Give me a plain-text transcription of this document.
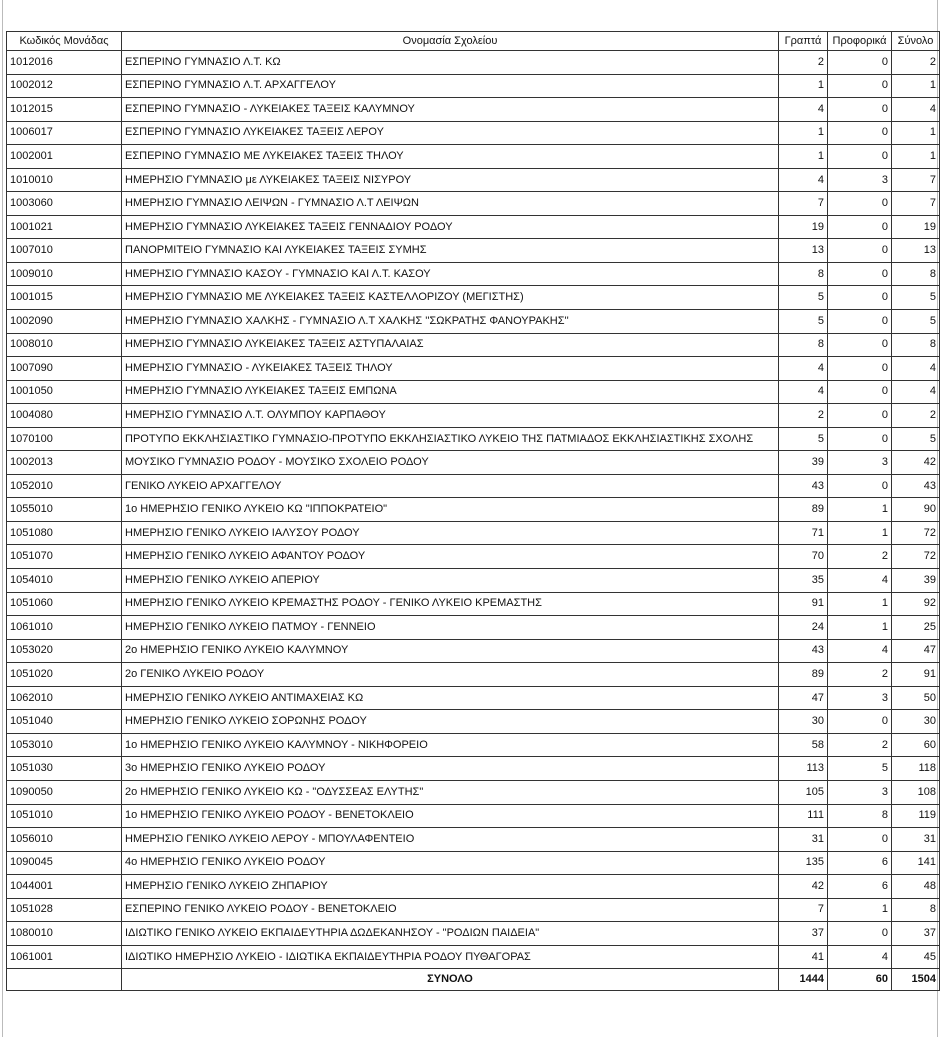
Κωδικός Μονάδας	Ονομασία Σχολείου	Γραπτά	Προφορικά	Σύνολο
1012016	ΕΣΠΕΡΙΝΟ ΓΥΜΝΑΣΙΟ Λ.Τ. ΚΩ	2	0	2
1002012	ΕΣΠΕΡΙΝΟ ΓΥΜΝΑΣΙΟ Λ.Τ. ΑΡΧΑΓΓΕΛΟΥ	1	0	1
1012015	ΕΣΠΕΡΙΝΟ ΓΥΜΝΑΣΙΟ - ΛΥΚΕΙΑΚΕΣ ΤΑΞΕΙΣ ΚΑΛΥΜΝΟΥ	4	0	4
1006017	ΕΣΠΕΡΙΝΟ ΓΥΜΝΑΣΙΟ ΛΥΚΕΙΑΚΕΣ ΤΑΞΕΙΣ ΛΕΡΟΥ	1	0	1
1002001	ΕΣΠΕΡΙΝΟ ΓΥΜΝΑΣΙΟ ΜΕ ΛΥΚΕΙΑΚΕΣ ΤΑΞΕΙΣ ΤΗΛΟΥ	1	0	1
1010010	ΗΜΕΡΗΣΙΟ ΓΥΜΝΑΣΙΟ με ΛΥΚΕΙΑΚΕΣ ΤΑΞΕΙΣ ΝΙΣΥΡΟΥ	4	3	7
1003060	ΗΜΕΡΗΣΙΟ ΓΥΜΝΑΣΙΟ ΛΕΙΨΩΝ - ΓΥΜΝΑΣΙΟ Λ.Τ ΛΕΙΨΩΝ	7	0	7
1001021	ΗΜΕΡΗΣΙΟ ΓΥΜΝΑΣΙΟ ΛΥΚΕΙΑΚΕΣ ΤΑΞΕΙΣ ΓΕΝΝΑΔΙΟΥ ΡΟΔΟΥ	19	0	19
1007010	ΠΑΝΟΡΜΙΤΕΙΟ ΓΥΜΝΑΣΙΟ ΚΑΙ ΛΥΚΕΙΑΚΕΣ ΤΑΞΕΙΣ ΣΥΜΗΣ	13	0	13
1009010	ΗΜΕΡΗΣΙΟ ΓΥΜΝΑΣΙΟ ΚΑΣΟΥ - ΓΥΜΝΑΣΙΟ ΚΑΙ Λ.Τ. ΚΑΣΟΥ	8	0	8
1001015	ΗΜΕΡΗΣΙΟ ΓΥΜΝΑΣΙΟ ΜΕ ΛΥΚΕΙΑΚΕΣ ΤΑΞΕΙΣ ΚΑΣΤΕΛΛΟΡΙΖΟΥ (ΜΕΓΙΣΤΗΣ)	5	0	5
1002090	ΗΜΕΡΗΣΙΟ ΓΥΜΝΑΣΙΟ ΧΑΛΚΗΣ - ΓΥΜΝΑΣΙΟ Λ.Τ ΧΑΛΚΗΣ ''ΣΩΚΡΑΤΗΣ ΦΑΝΟΥΡΑΚΗΣ''	5	0	5
1008010	ΗΜΕΡΗΣΙΟ ΓΥΜΝΑΣΙΟ ΛΥΚΕΙΑΚΕΣ ΤΑΞΕΙΣ ΑΣΤΥΠΑΛΑΙΑΣ	8	0	8
1007090	ΗΜΕΡΗΣΙΟ ΓΥΜΝΑΣΙΟ - ΛΥΚΕΙΑΚΕΣ ΤΑΞΕΙΣ ΤΗΛΟΥ	4	0	4
1001050	ΗΜΕΡΗΣΙΟ ΓΥΜΝΑΣΙΟ ΛΥΚΕΙΑΚΕΣ ΤΑΞΕΙΣ ΕΜΠΩΝΑ	4	0	4
1004080	ΗΜΕΡΗΣΙΟ ΓΥΜΝΑΣΙΟ Λ.Τ. ΟΛΥΜΠΟΥ ΚΑΡΠΑΘΟΥ	2	0	2
1070100	ΠΡΟΤΥΠΟ ΕΚΚΛΗΣΙΑΣΤΙΚΟ ΓΥΜΝΑΣΙΟ-ΠΡΟΤΥΠΟ ΕΚΚΛΗΣΙΑΣΤΙΚΟ ΛΥΚΕΙΟ ΤΗΣ ΠΑΤΜΙΑΔΟΣ ΕΚΚΛΗΣΙΑΣΤΙΚΗΣ ΣΧΟΛΗΣ	5	0	5
1002013	ΜΟΥΣΙΚΟ ΓΥΜΝΑΣΙΟ ΡΟΔΟΥ - ΜΟΥΣΙΚΟ ΣΧΟΛΕΙΟ ΡΟΔΟΥ	39	3	42
1052010	ΓΕΝΙΚΟ ΛΥΚΕΙΟ ΑΡΧΑΓΓΕΛΟΥ	43	0	43
1055010	1ο ΗΜΕΡΗΣΙΟ ΓΕΝΙΚΟ ΛΥΚΕΙΟ ΚΩ "ΙΠΠΟΚΡΑΤΕΙΟ"	89	1	90
1051080	ΗΜΕΡΗΣΙΟ ΓΕΝΙΚΟ ΛΥΚΕΙΟ ΙΑΛΥΣΟΥ ΡΟΔΟΥ	71	1	72
1051070	ΗΜΕΡΗΣΙΟ ΓΕΝΙΚΟ ΛΥΚΕΙΟ ΑΦΑΝΤΟΥ ΡΟΔΟΥ	70	2	72
1054010	ΗΜΕΡΗΣΙΟ ΓΕΝΙΚΟ ΛΥΚΕΙΟ ΑΠΕΡΙΟΥ	35	4	39
1051060	ΗΜΕΡΗΣΙΟ ΓΕΝΙΚΟ ΛΥΚΕΙΟ ΚΡΕΜΑΣΤΗΣ ΡΟΔΟΥ - ΓΕΝΙΚΟ ΛΥΚΕΙΟ ΚΡΕΜΑΣΤΗΣ	91	1	92
1061010	ΗΜΕΡΗΣΙΟ ΓΕΝΙΚΟ ΛΥΚΕΙΟ ΠΑΤΜΟΥ - ΓΕΝΝΕΙΟ	24	1	25
1053020	2ο ΗΜΕΡΗΣΙΟ ΓΕΝΙΚΟ ΛΥΚΕΙΟ ΚΑΛΥΜΝΟΥ	43	4	47
1051020	2ο ΓΕΝΙΚΟ ΛΥΚΕΙΟ ΡΟΔΟΥ	89	2	91
1062010	ΗΜΕΡΗΣΙΟ ΓΕΝΙΚΟ ΛΥΚΕΙΟ ΑΝΤΙΜΑΧΕΙΑΣ ΚΩ	47	3	50
1051040	ΗΜΕΡΗΣΙΟ ΓΕΝΙΚΟ ΛΥΚΕΙΟ ΣΟΡΩΝΗΣ ΡΟΔΟΥ	30	0	30
1053010	1ο ΗΜΕΡΗΣΙΟ ΓΕΝΙΚΟ ΛΥΚΕΙΟ ΚΑΛΥΜΝΟΥ - ΝΙΚΗΦΟΡΕΙΟ	58	2	60
1051030	3ο ΗΜΕΡΗΣΙΟ ΓΕΝΙΚΟ ΛΥΚΕΙΟ ΡΟΔΟΥ	113	5	118
1090050	2ο ΗΜΕΡΗΣΙΟ ΓΕΝΙΚΟ ΛΥΚΕΙΟ ΚΩ - "ΟΔΥΣΣΕΑΣ ΕΛΥΤΗΣ"	105	3	108
1051010	1ο ΗΜΕΡΗΣΙΟ ΓΕΝΙΚΟ ΛΥΚΕΙΟ ΡΟΔΟΥ - ΒΕΝΕΤΟΚΛΕΙΟ	111	8	119
1056010	ΗΜΕΡΗΣΙΟ ΓΕΝΙΚΟ ΛΥΚΕΙΟ ΛΕΡΟΥ - ΜΠΟΥΛΑΦΕΝΤΕΙΟ	31	0	31
1090045	4ο ΗΜΕΡΗΣΙΟ ΓΕΝΙΚΟ ΛΥΚΕΙΟ ΡΟΔΟΥ	135	6	141
1044001	ΗΜΕΡΗΣΙΟ ΓΕΝΙΚΟ ΛΥΚΕΙΟ ΖΗΠΑΡΙΟΥ	42	6	48
1051028	ΕΣΠΕΡΙΝΟ ΓΕΝΙΚΟ ΛΥΚΕΙΟ ΡΟΔΟΥ - ΒΕΝΕΤΟΚΛΕΙΟ	7	1	8
1080010	ΙΔΙΩΤΙΚΟ ΓΕΝΙΚΟ ΛΥΚΕΙΟ ΕΚΠΑΙΔΕΥΤΗΡΙΑ ΔΩΔΕΚΑΝΗΣΟΥ - "ΡΟΔΙΩΝ ΠΑΙΔΕΙΑ"	37	0	37
1061001	ΙΔΙΩΤΙΚΟ ΗΜΕΡΗΣΙΟ ΛΥΚΕΙΟ - ΙΔΙΩΤΙΚΑ ΕΚΠΑΙΔΕΥΤΗΡΙΑ ΡΟΔΟΥ ΠΥΘΑΓΟΡΑΣ	41	4	45
	ΣΥΝΟΛΟ	1444	60	1504
